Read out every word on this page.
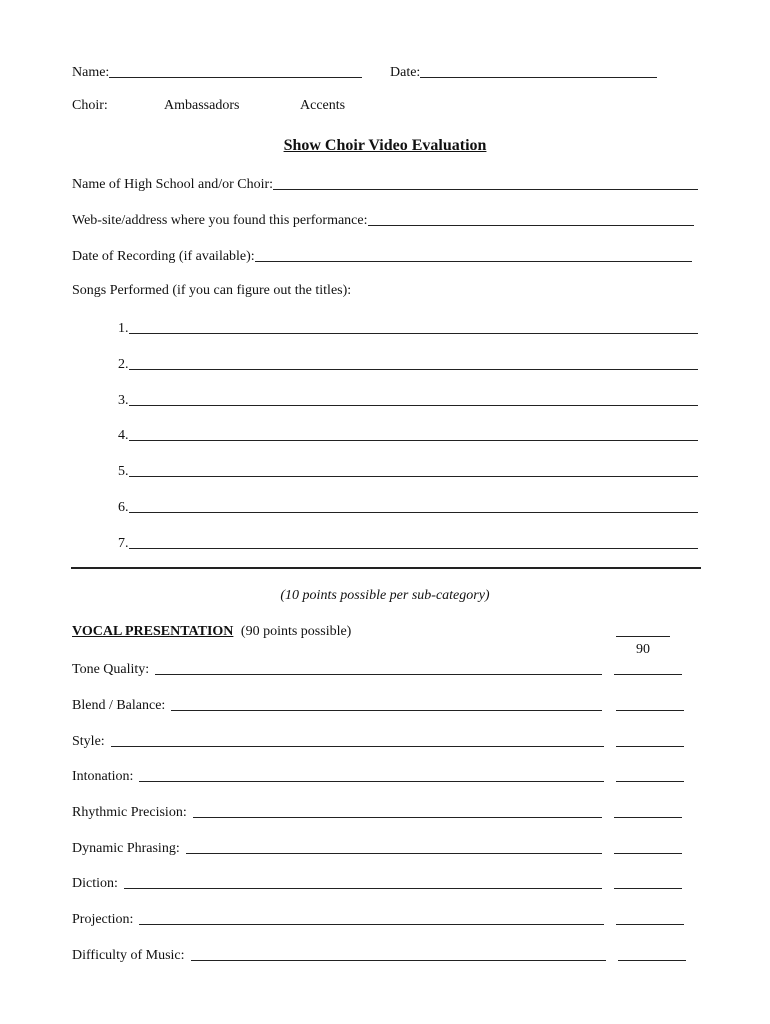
Name:	Date:
Choir:	Ambassadors	Accents
Show Choir Video Evaluation
Name of High School and/or Choir:
Web-site/address where you found this performance:
Date of Recording (if available):
Songs Performed (if you can figure out the titles):
1.
2.
3.
4.
5.
6.
7.
(10 points possible per sub-category)
VOCAL PRESENTATION (90 points possible)
90
Tone Quality:
Blend / Balance:
Style:
Intonation:
Rhythmic Precision:
Dynamic Phrasing:
Diction:
Projection:
Difficulty of Music:
